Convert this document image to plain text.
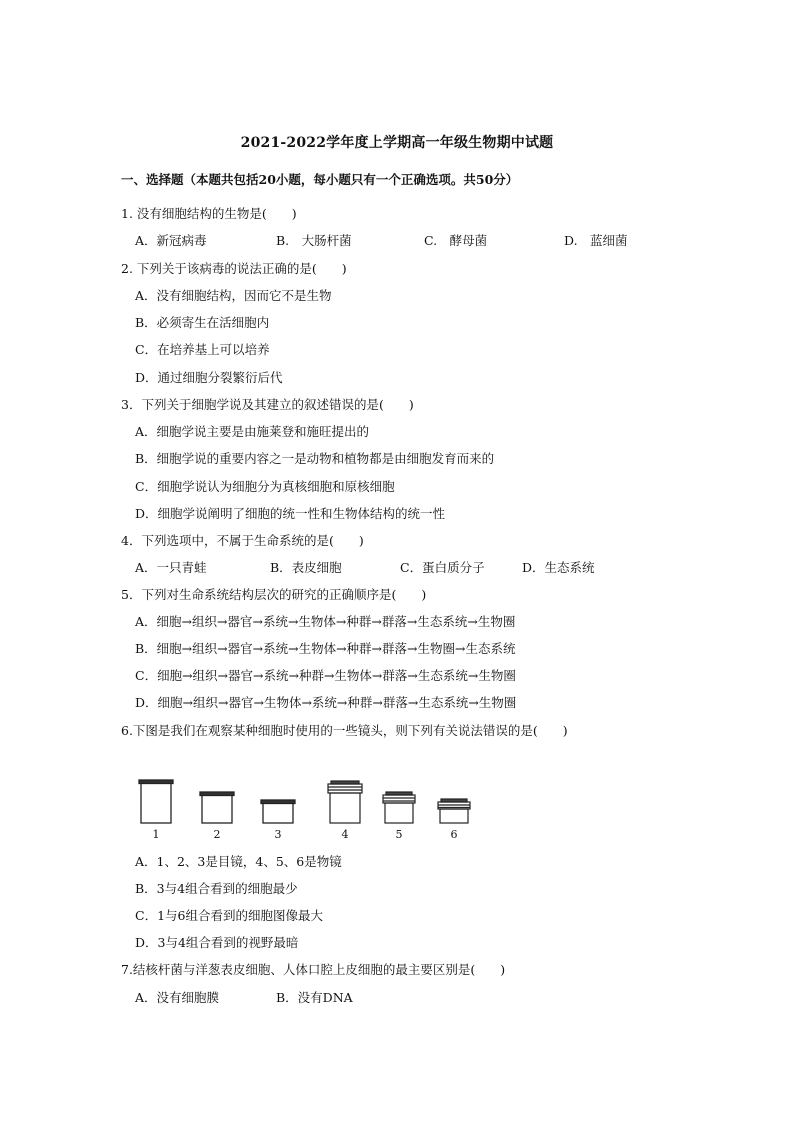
2021-2022学年度上学期高一年级生物期中试题
一、选择题（本题共包括20小题，每小题只有一个正确选项。共50分）
1. 没有细胞结构的生物是(　　)
A．新冠病毒	B.　大肠杆菌	C.　酵母菌	D.　蓝细菌
2. 下列关于该病毒的说法正确的是(　　)
A．没有细胞结构，因而它不是生物
B．必须寄生在活细胞内
C．在培养基上可以培养
D．通过细胞分裂繁衍后代
3．下列关于细胞学说及其建立的叙述错误的是(　　)
A．细胞学说主要是由施莱登和施旺提出的
B．细胞学说的重要内容之一是动物和植物都是由细胞发育而来的
C．细胞学说认为细胞分为真核细胞和原核细胞
D．细胞学说阐明了细胞的统一性和生物体结构的统一性
4．下列选项中，不属于生命系统的是(　　)
A．一只青蛙	B．表皮细胞	C．蛋白质分子	D．生态系统
5．下列对生命系统结构层次的研究的正确顺序是(　　)
A．细胞→组织→器官→系统→生物体→种群→群落→生态系统→生物圈
B．细胞→组织→器官→系统→生物体→种群→群落→生物圈→生态系统
C．细胞→组织→器官→系统→种群→生物体→群落→生态系统→生物圈
D．细胞→组织→器官→生物体→系统→种群→群落→生态系统→生物圈
6.下图是我们在观察某种细胞时使用的一些镜头，则下列有关说法错误的是(　　)
1	2	3	4	5	6
A．1、2、3是目镜，4、5、6是物镜
B．3与4组合看到的细胞最少
C．1与6组合看到的细胞图像最大
D．3与4组合看到的视野最暗
7.结核杆菌与洋葱表皮细胞、人体口腔上皮细胞的最主要区别是(　　)
A．没有细胞膜	B．没有DNA
